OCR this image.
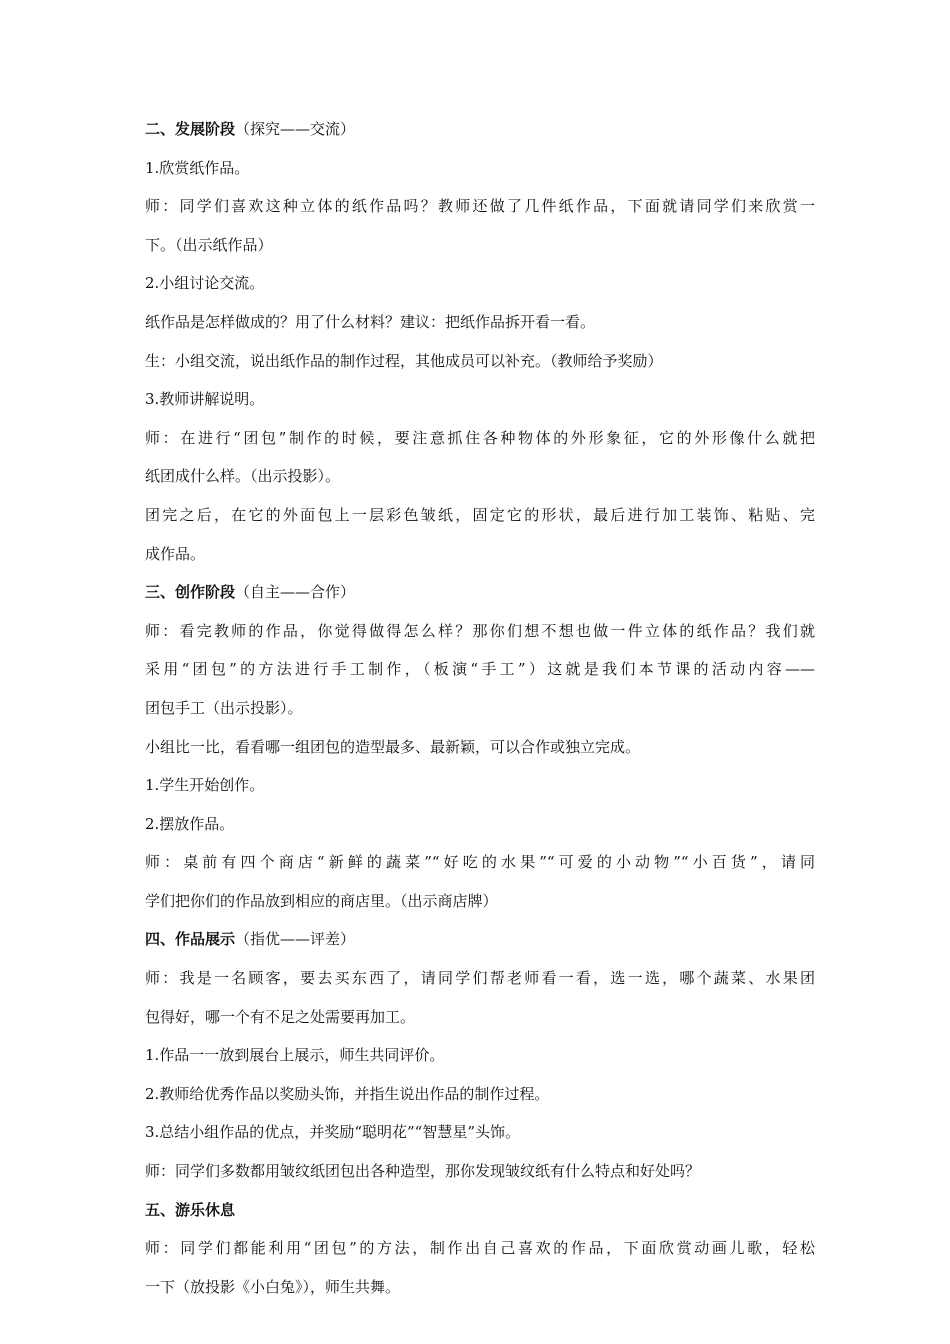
二、发展阶段（探究——交流）
1.欣赏纸作品。
师：同学们喜欢这种立体的纸作品吗？教师还做了几件纸作品，下面就请同学们来欣赏一
下。（出示纸作品）
2.小组讨论交流。
纸作品是怎样做成的？用了什么材料？建议：把纸作品拆开看一看。
生：小组交流，说出纸作品的制作过程，其他成员可以补充。（教师给予奖励）
3.教师讲解说明。
师：在进行“团包”制作的时候，要注意抓住各种物体的外形象征，它的外形像什么就把
纸团成什么样。（出示投影）。
团完之后，在它的外面包上一层彩色皱纸，固定它的形状，最后进行加工装饰、粘贴、完
成作品。
三、创作阶段（自主——合作）
师：看完教师的作品，你觉得做得怎么样？那你们想不想也做一件立体的纸作品？我们就
采用“团包”的方法进行手工制作，（板演“手工”）这就是我们本节课的活动内容——
团包手工（出示投影）。
小组比一比，看看哪一组团包的造型最多、最新颖，可以合作或独立完成。
1.学生开始创作。
2.摆放作品。
师：桌前有四个商店“新鲜的蔬菜”“好吃的水果”“可爱的小动物”“小百货”，请同
学们把你们的作品放到相应的商店里。（出示商店牌）
四、作品展示（指优——评差）
师：我是一名顾客，要去买东西了，请同学们帮老师看一看，选一选，哪个蔬菜、水果团
包得好，哪一个有不足之处需要再加工。
1.作品一一放到展台上展示，师生共同评价。
2.教师给优秀作品以奖励头饰，并指生说出作品的制作过程。
3.总结小组作品的优点，并奖励“聪明花”“智慧星”头饰。
师：同学们多数都用皱纹纸团包出各种造型，那你发现皱纹纸有什么特点和好处吗？
五、游乐休息
师：同学们都能利用“团包”的方法，制作出自己喜欢的作品，下面欣赏动画儿歌，轻松
一下（放投影《小白兔》），师生共舞。
